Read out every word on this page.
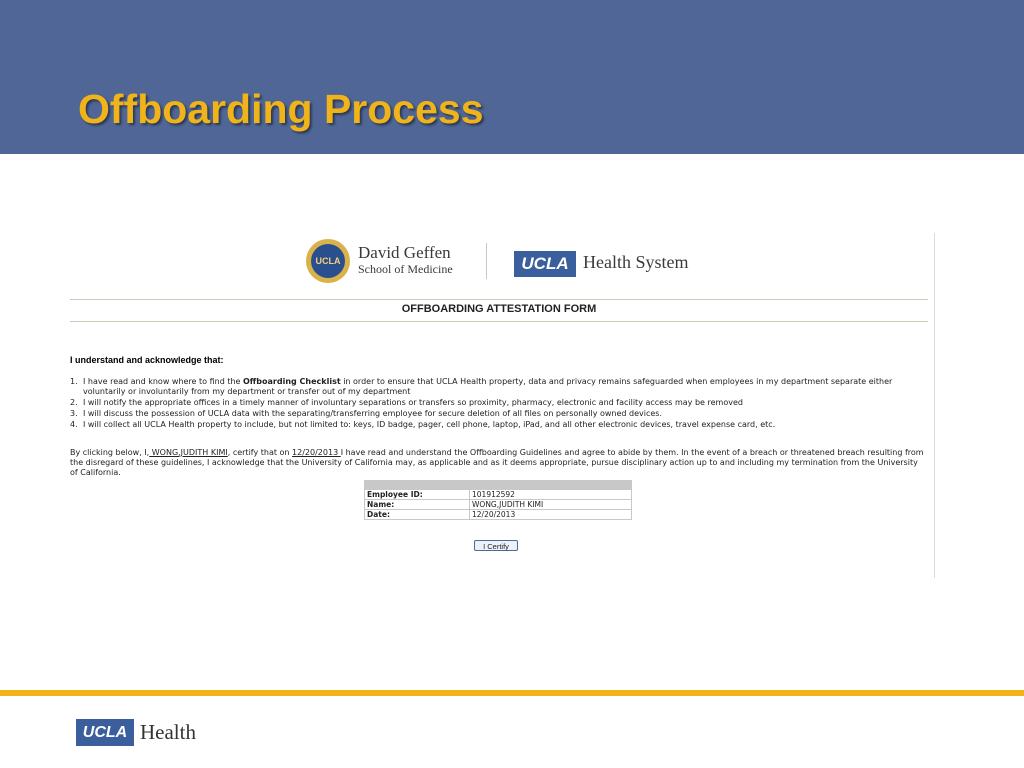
Offboarding Process
UCLA David Geffen
School of Medicine	UCLA Health System
OFFBOARDING ATTESTATION FORM
I understand and acknowledge that:
1. I have read and know where to find the Offboarding Checklist in order to ensure that UCLA Health property, data and privacy remains safeguarded when employees in my department separate either voluntarily or involuntarily from my department or transfer out of my department
2. I will notify the appropriate offices in a timely manner of involuntary separations or transfers so proximity, pharmacy, electronic and facility access may be removed
3. I will discuss the possession of UCLA data with the separating/transferring employee for secure deletion of all files on personally owned devices.
4. I will collect all UCLA Health property to include, but not limited to: keys, ID badge, pager, cell phone, laptop, iPad, and all other electronic devices, travel expense card, etc.
By clicking below, I, WONG,JUDITH KIMI, certify that on 12/20/2013 I have read and understand the Offboarding Guidelines and agree to abide by them. In the event of a breach or threatened breach resulting from the disregard of these guidelines, I acknowledge that the University of California may, as applicable and as it deems appropriate, pursue disciplinary action up to and including my termination from the University of California.

Employee ID:	101912592
Name:	WONG,JUDITH KIMI
Date:	12/20/2013
I Certify
UCLA Health
